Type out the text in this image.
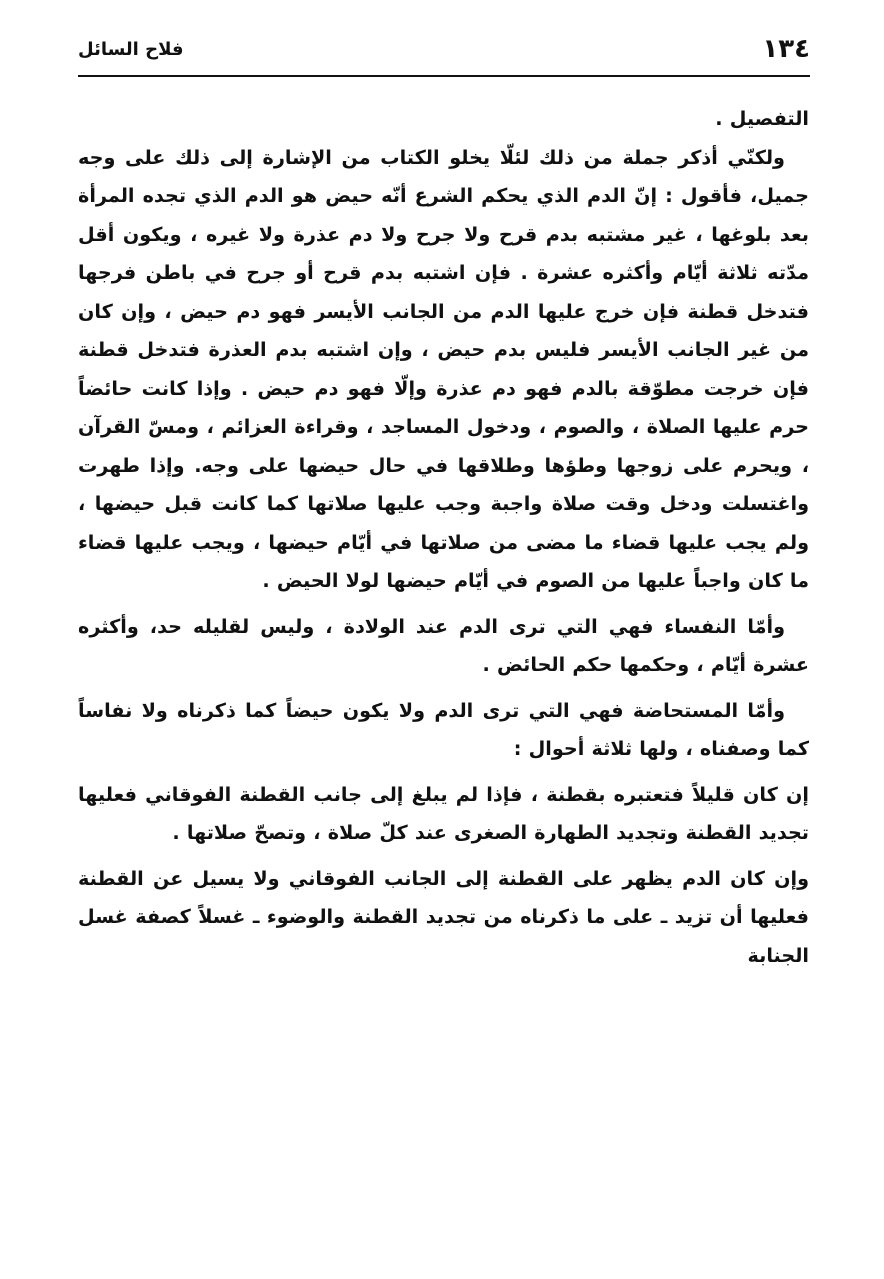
١٣٤
فلاح السائل

التفصيل .

ولكنّي أذكر جملة من ذلك لئلّا يخلو الكتاب من الإشارة إلى ذلك على وجه جميل، فأقول : إنّ الدم الذي يحكم الشرع أنّه حيض هو الدم الذي تجده المرأة بعد بلوغها ، غير مشتبه بدم قرح ولا جرح ولا دم عذرة ولا غيره ، ويكون أقل مدّته ثلاثة أيّام وأكثره عشرة . فإن اشتبه بدم قرح أو جرح في باطن فرجها فتدخل قطنة فإن خرج عليها الدم من الجانب الأيسر فهو دم حيض ، وإن كان من غير الجانب الأيسر فليس بدم حيض ، وإن اشتبه بدم العذرة فتدخل قطنة فإن خرجت مطوّقة بالدم فهو دم عذرة وإلّا فهو دم حيض . وإذا كانت حائضاً حرم عليها الصلاة ، والصوم ، ودخول المساجد ، وقراءة العزائم ، ومسّ القرآن ، ويحرم على زوجها وطؤها وطلاقها في حال حيضها على وجه. وإذا طهرت واغتسلت ودخل وقت صلاة واجبة وجب عليها صلاتها كما كانت قبل حيضها ، ولم يجب عليها قضاء ما مضى من صلاتها في أيّام حيضها ، ويجب عليها قضاء ما كان واجباً عليها من الصوم في أيّام حيضها لولا الحيض .

وأمّا النفساء فهي التي ترى الدم عند الولادة ، وليس لقليله حد، وأكثره عشرة أيّام ، وحكمها حكم الحائض .

وأمّا المستحاضة فهي التي ترى الدم ولا يكون حيضاً كما ذكرناه ولا نفاساً كما وصفناه ، ولها ثلاثة أحوال :

إن كان قليلاً فتعتبره بقطنة ، فإذا لم يبلغ إلى جانب القطنة الفوقاني فعليها تجديد القطنة وتجديد الطهارة الصغرى عند كلّ صلاة ، وتصحّ صلاتها .

وإن كان الدم يظهر على القطنة إلى الجانب الفوقاني ولا يسيل عن القطنة فعليها أن تزيد ـ على ما ذكرناه من تجديد القطنة والوضوء ـ غسلاً كصفة غسل الجنابة
